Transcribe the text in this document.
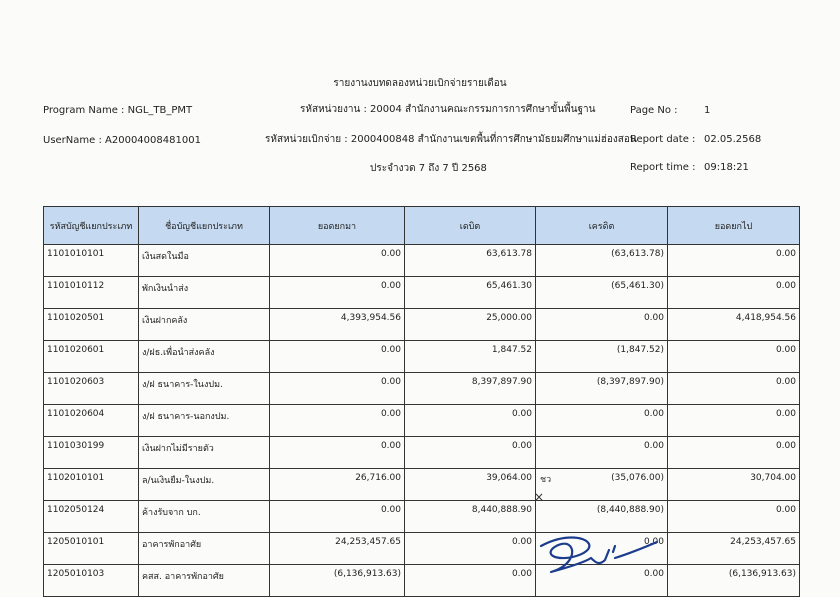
รายงานงบทดลองหน่วยเบิกจ่ายรายเดือน
Program Name : NGL_TB_PMT	รหัสหน่วยงาน : 20004 สำนักงานคณะกรรมการการศึกษาขั้นพื้นฐาน	Page No :	1
UserName : A20004008481001	รหัสหน่วยเบิกจ่าย : 2000400848 สำนักงานเขตพื้นที่การศึกษามัธยมศึกษาแม่ฮ่องสอน
Report date : 02.05.2568
ประจำงวด 7 ถึง 7 ปี 2568	Report time : 09:18:21
รหัสบัญชีแยกประเภท	ชื่อบัญชีแยกประเภท	ยอดยกมา	เดบิต	เครดิต	ยอดยกไป
1101010101	เงินสดในมือ	0.00	63,613.78	(63,613.78)	0.00
1101010112	พักเงินนำส่ง	0.00	65,461.30	(65,461.30)	0.00
1101020501	เงินฝากคลัง	4,393,954.56	25,000.00	0.00	4,418,954.56
1101020601	ง/ฝธ.เพื่อนำส่งคลัง	0.00	1,847.52	(1,847.52)	0.00
1101020603	ง/ฝ ธนาคาร-ในงปม.	0.00	8,397,897.90	(8,397,897.90)	0.00
1101020604	ง/ฝ ธนาคาร-นอกงปม.	0.00	0.00	0.00	0.00
1101030199	เงินฝากไม่มีรายตัว	0.00	0.00	0.00	0.00
1102010101	ล/นเงินยืม-ในงปม.	26,716.00	39,064.00	(35,076.00)	30,704.00
1102050124	ค้างรับจาก บก.	0.00	8,440,888.90	(8,440,888.90)	0.00
1205010101	อาคารพักอาศัย	24,253,457.65	0.00	0.00	24,253,457.65
1205010103	คสส. อาคารพักอาศัย	(6,136,913.63)	0.00	0.00	(6,136,913.63)
ชว
×
